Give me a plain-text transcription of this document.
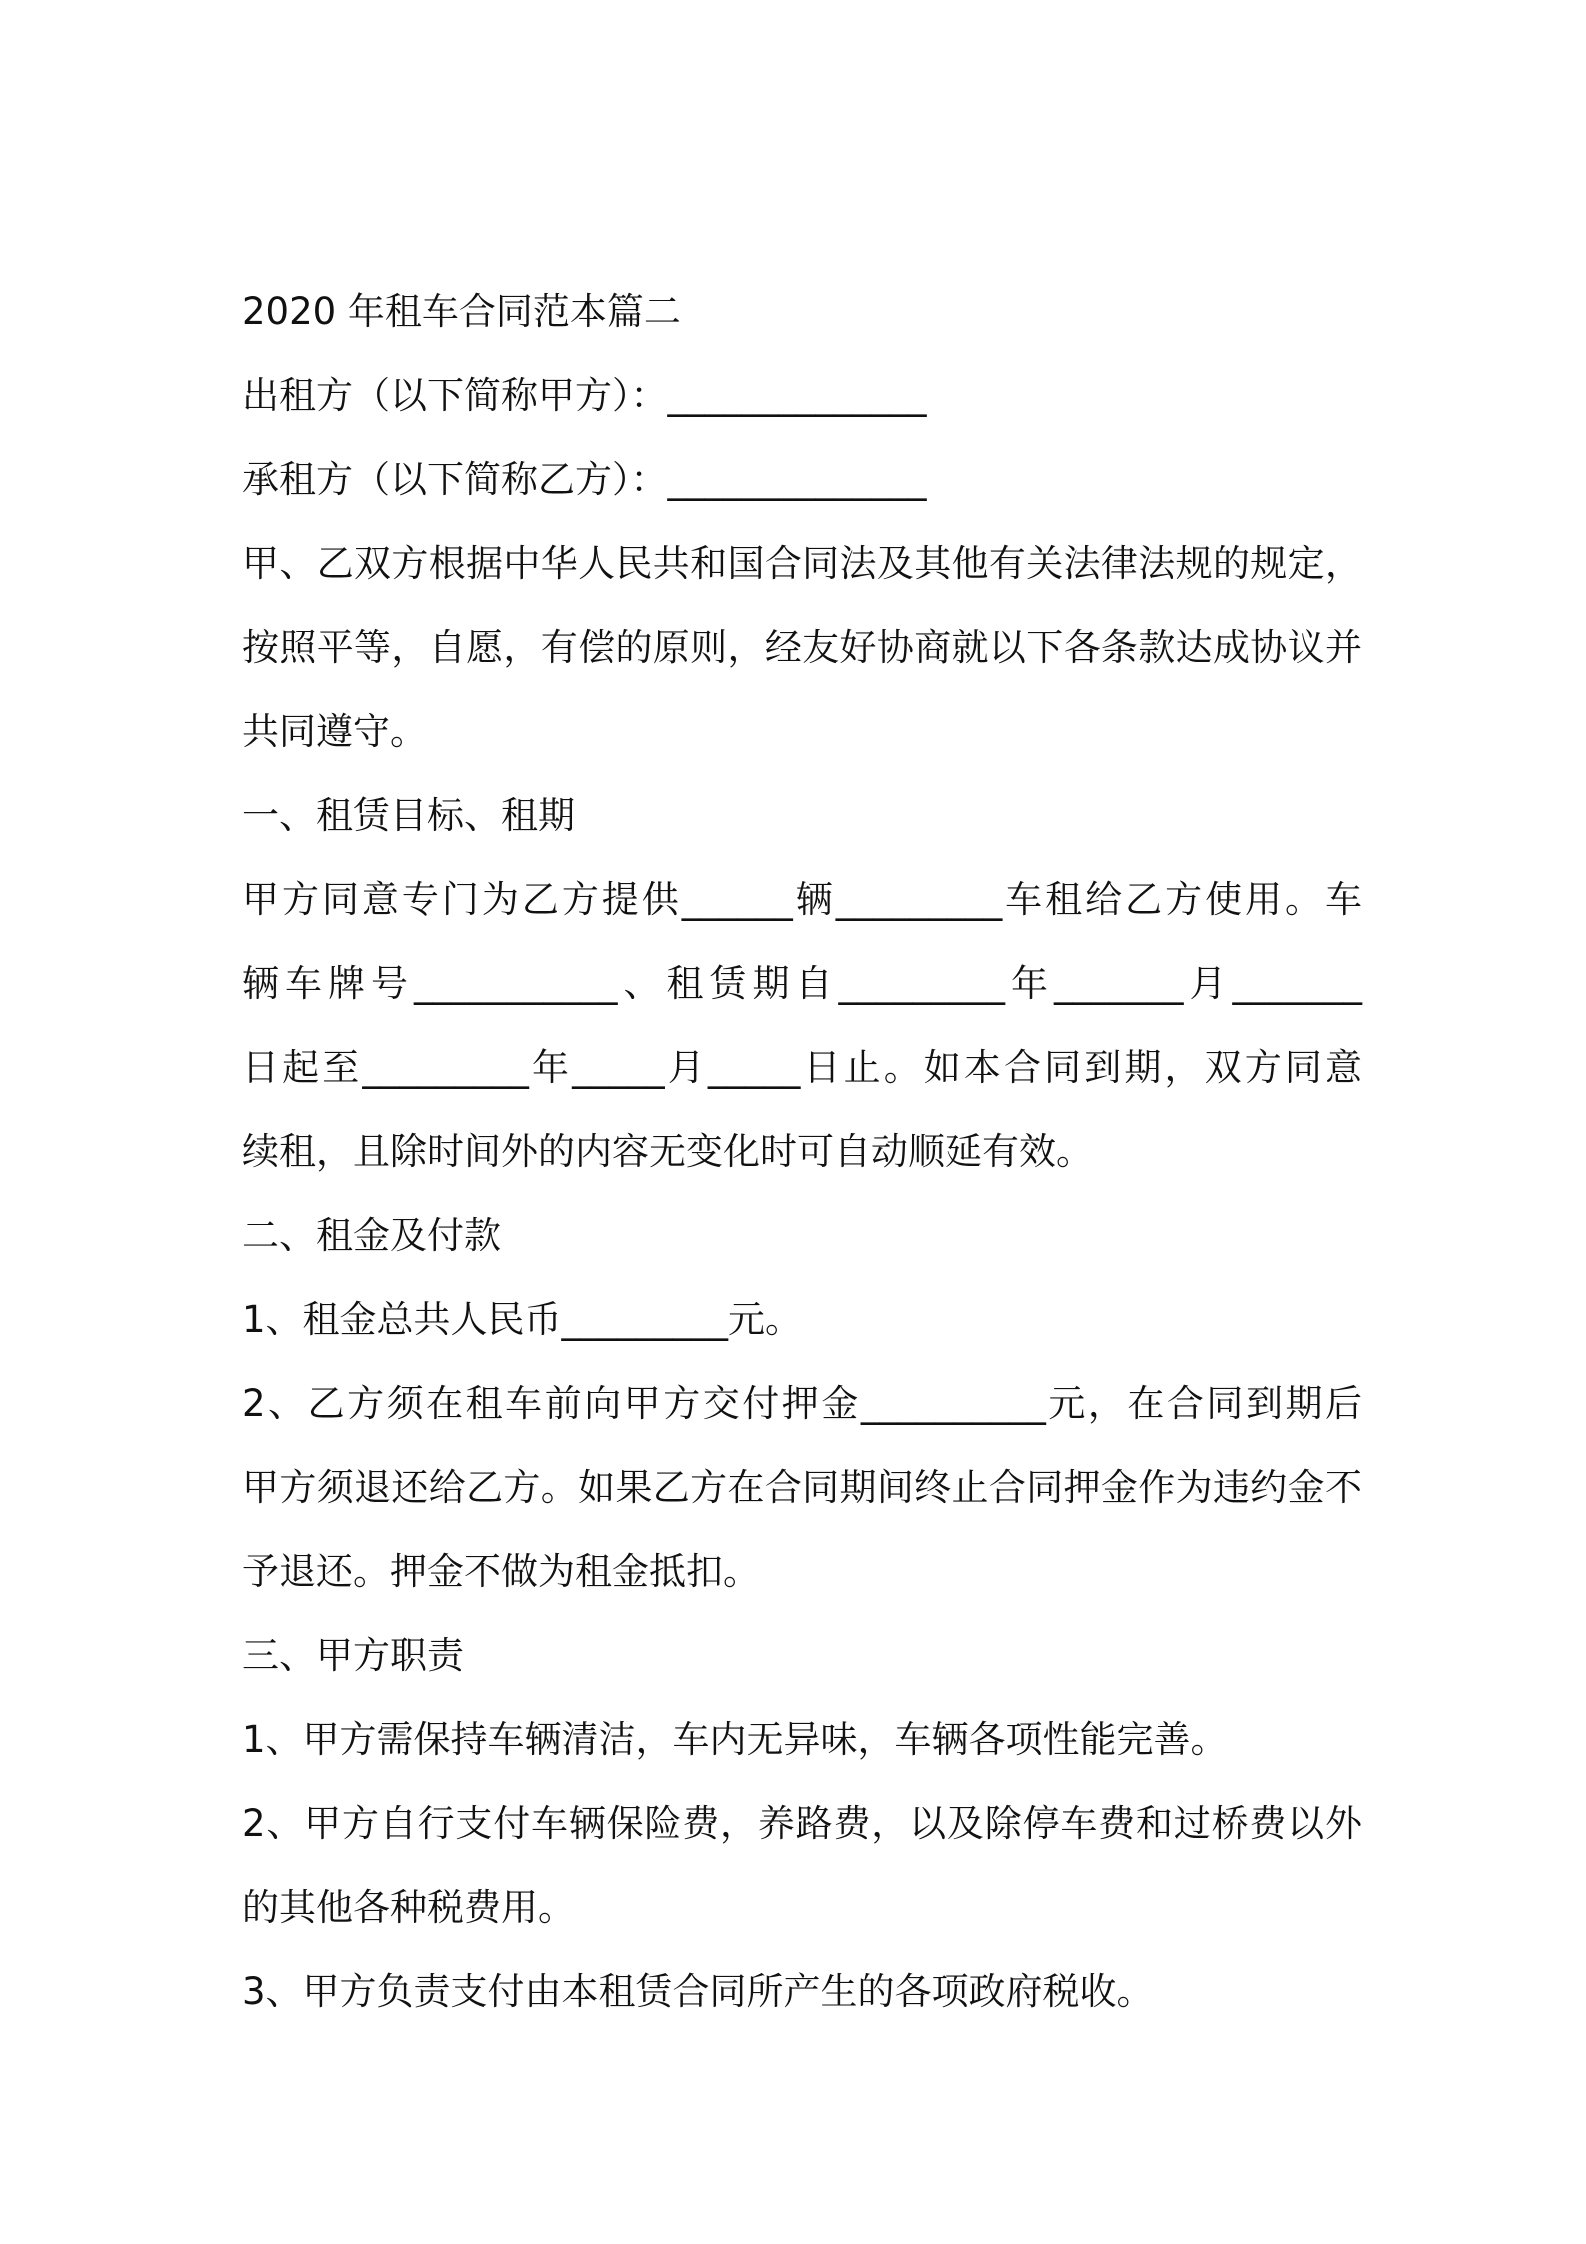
2020 年租车合同范本篇二
出租方（以下简称甲方）：______________
承租方（以下简称乙方）：______________
甲、乙双方根据中华人民共和国合同法及其他有关法律法规的规定，
按照平等，自愿，有偿的原则，经友好协商就以下各条款达成协议并
共同遵守。
一、租赁目标、租期
甲方同意专门为乙方提供______辆_________车租给乙方使用。车
辆车牌号___________、租赁期自_________年_______月_______
日起至_________年_____月_____日止。如本合同到期，双方同意
续租，且除时间外的内容无变化时可自动顺延有效。
二、租金及付款
1、租金总共人民币_________元。
2、乙方须在租车前向甲方交付押金__________元，在合同到期后
甲方须退还给乙方。如果乙方在合同期间终止合同押金作为违约金不
予退还。押金不做为租金抵扣。
三、甲方职责
1、甲方需保持车辆清洁，车内无异味，车辆各项性能完善。
2、甲方自行支付车辆保险费，养路费，以及除停车费和过桥费以外
的其他各种税费用。
3、甲方负责支付由本租赁合同所产生的各项政府税收。
